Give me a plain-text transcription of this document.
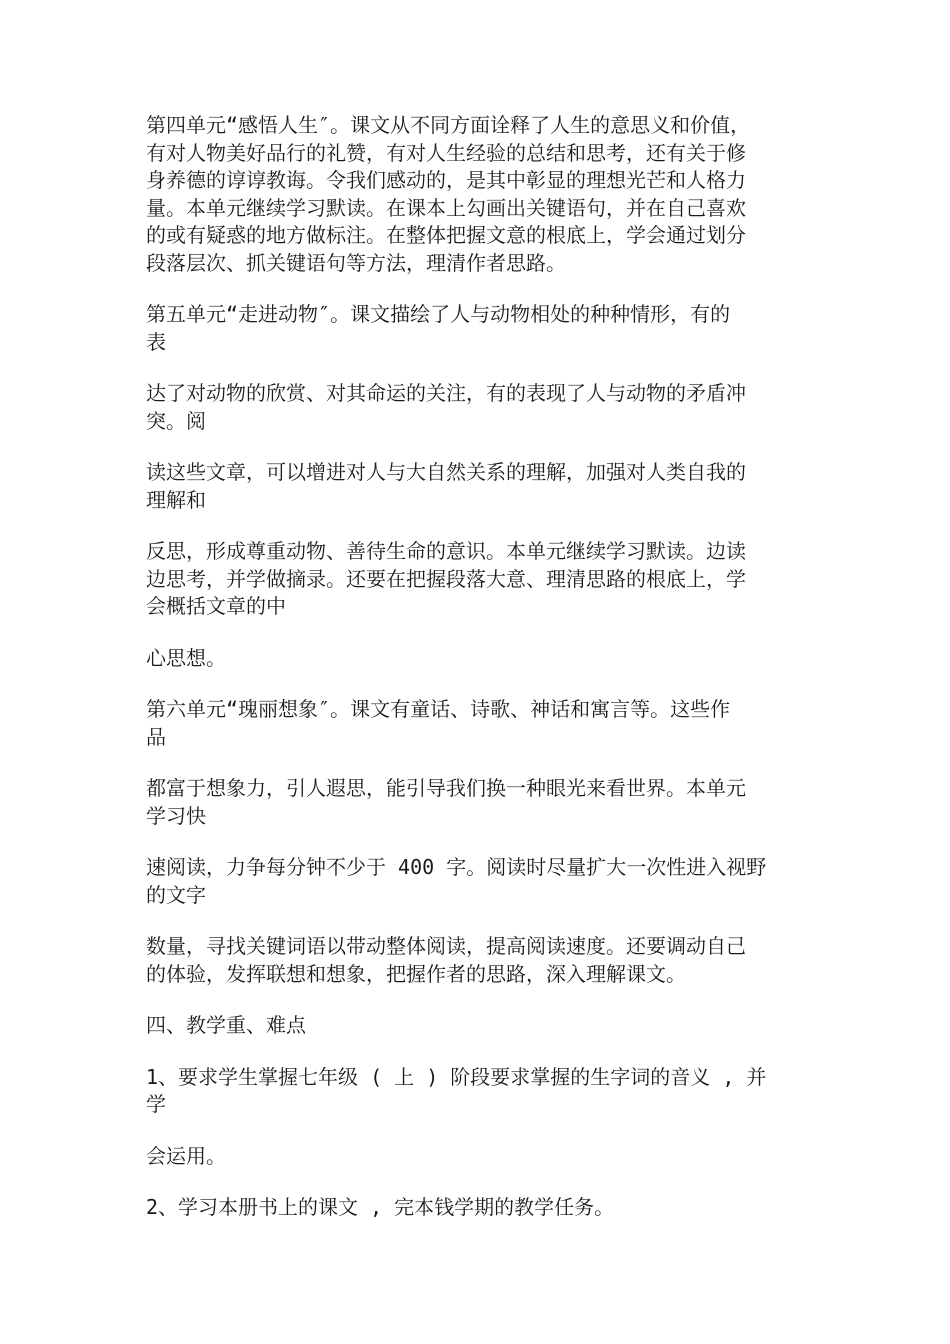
第四单元“感悟人生″。课文从不同方面诠释了人生的意思义和价值，
有对人物美好品行的礼赞，有对人生经验的总结和思考，还有关于修
身养德的谆谆教诲。令我们感动的，是其中彰显的理想光芒和人格力
量。本单元继续学习默读。在课本上勾画出关键语句，并在自己喜欢
的或有疑惑的地方做标注。在整体把握文意的根底上，学会通过划分
段落层次、抓关键语句等方法，理清作者思路。

第五单元“走进动物″。课文描绘了人与动物相处的种种情形，有的
表

达了对动物的欣赏、对其命运的关注，有的表现了人与动物的矛盾冲
突。阅

读这些文章，可以增进对人与大自然关系的理解，加强对人类自我的
理解和

反思，形成尊重动物、善待生命的意识。本单元继续学习默读。边读
边思考，并学做摘录。还要在把握段落大意、理清思路的根底上，学
会概括文章的中

心思想。

第六单元“瑰丽想象″。课文有童话、诗歌、神话和寓言等。这些作
品

都富于想象力，引人遐思，能引导我们换一种眼光来看世界。本单元
学习快

速阅读，力争每分钟不少于 400 字。阅读时尽量扩大一次性进入视野
的文字

数量，寻找关键词语以带动整体阅读，提高阅读速度。还要调动自己
的体验，发挥联想和想象，把握作者的思路，深入理解课文。

四、教学重、难点

1、要求学生掌握七年级 ( 上 ) 阶段要求掌握的生字词的音义 , 并
学

会运用。

2、学习本册书上的课文 , 完本钱学期的教学任务。
